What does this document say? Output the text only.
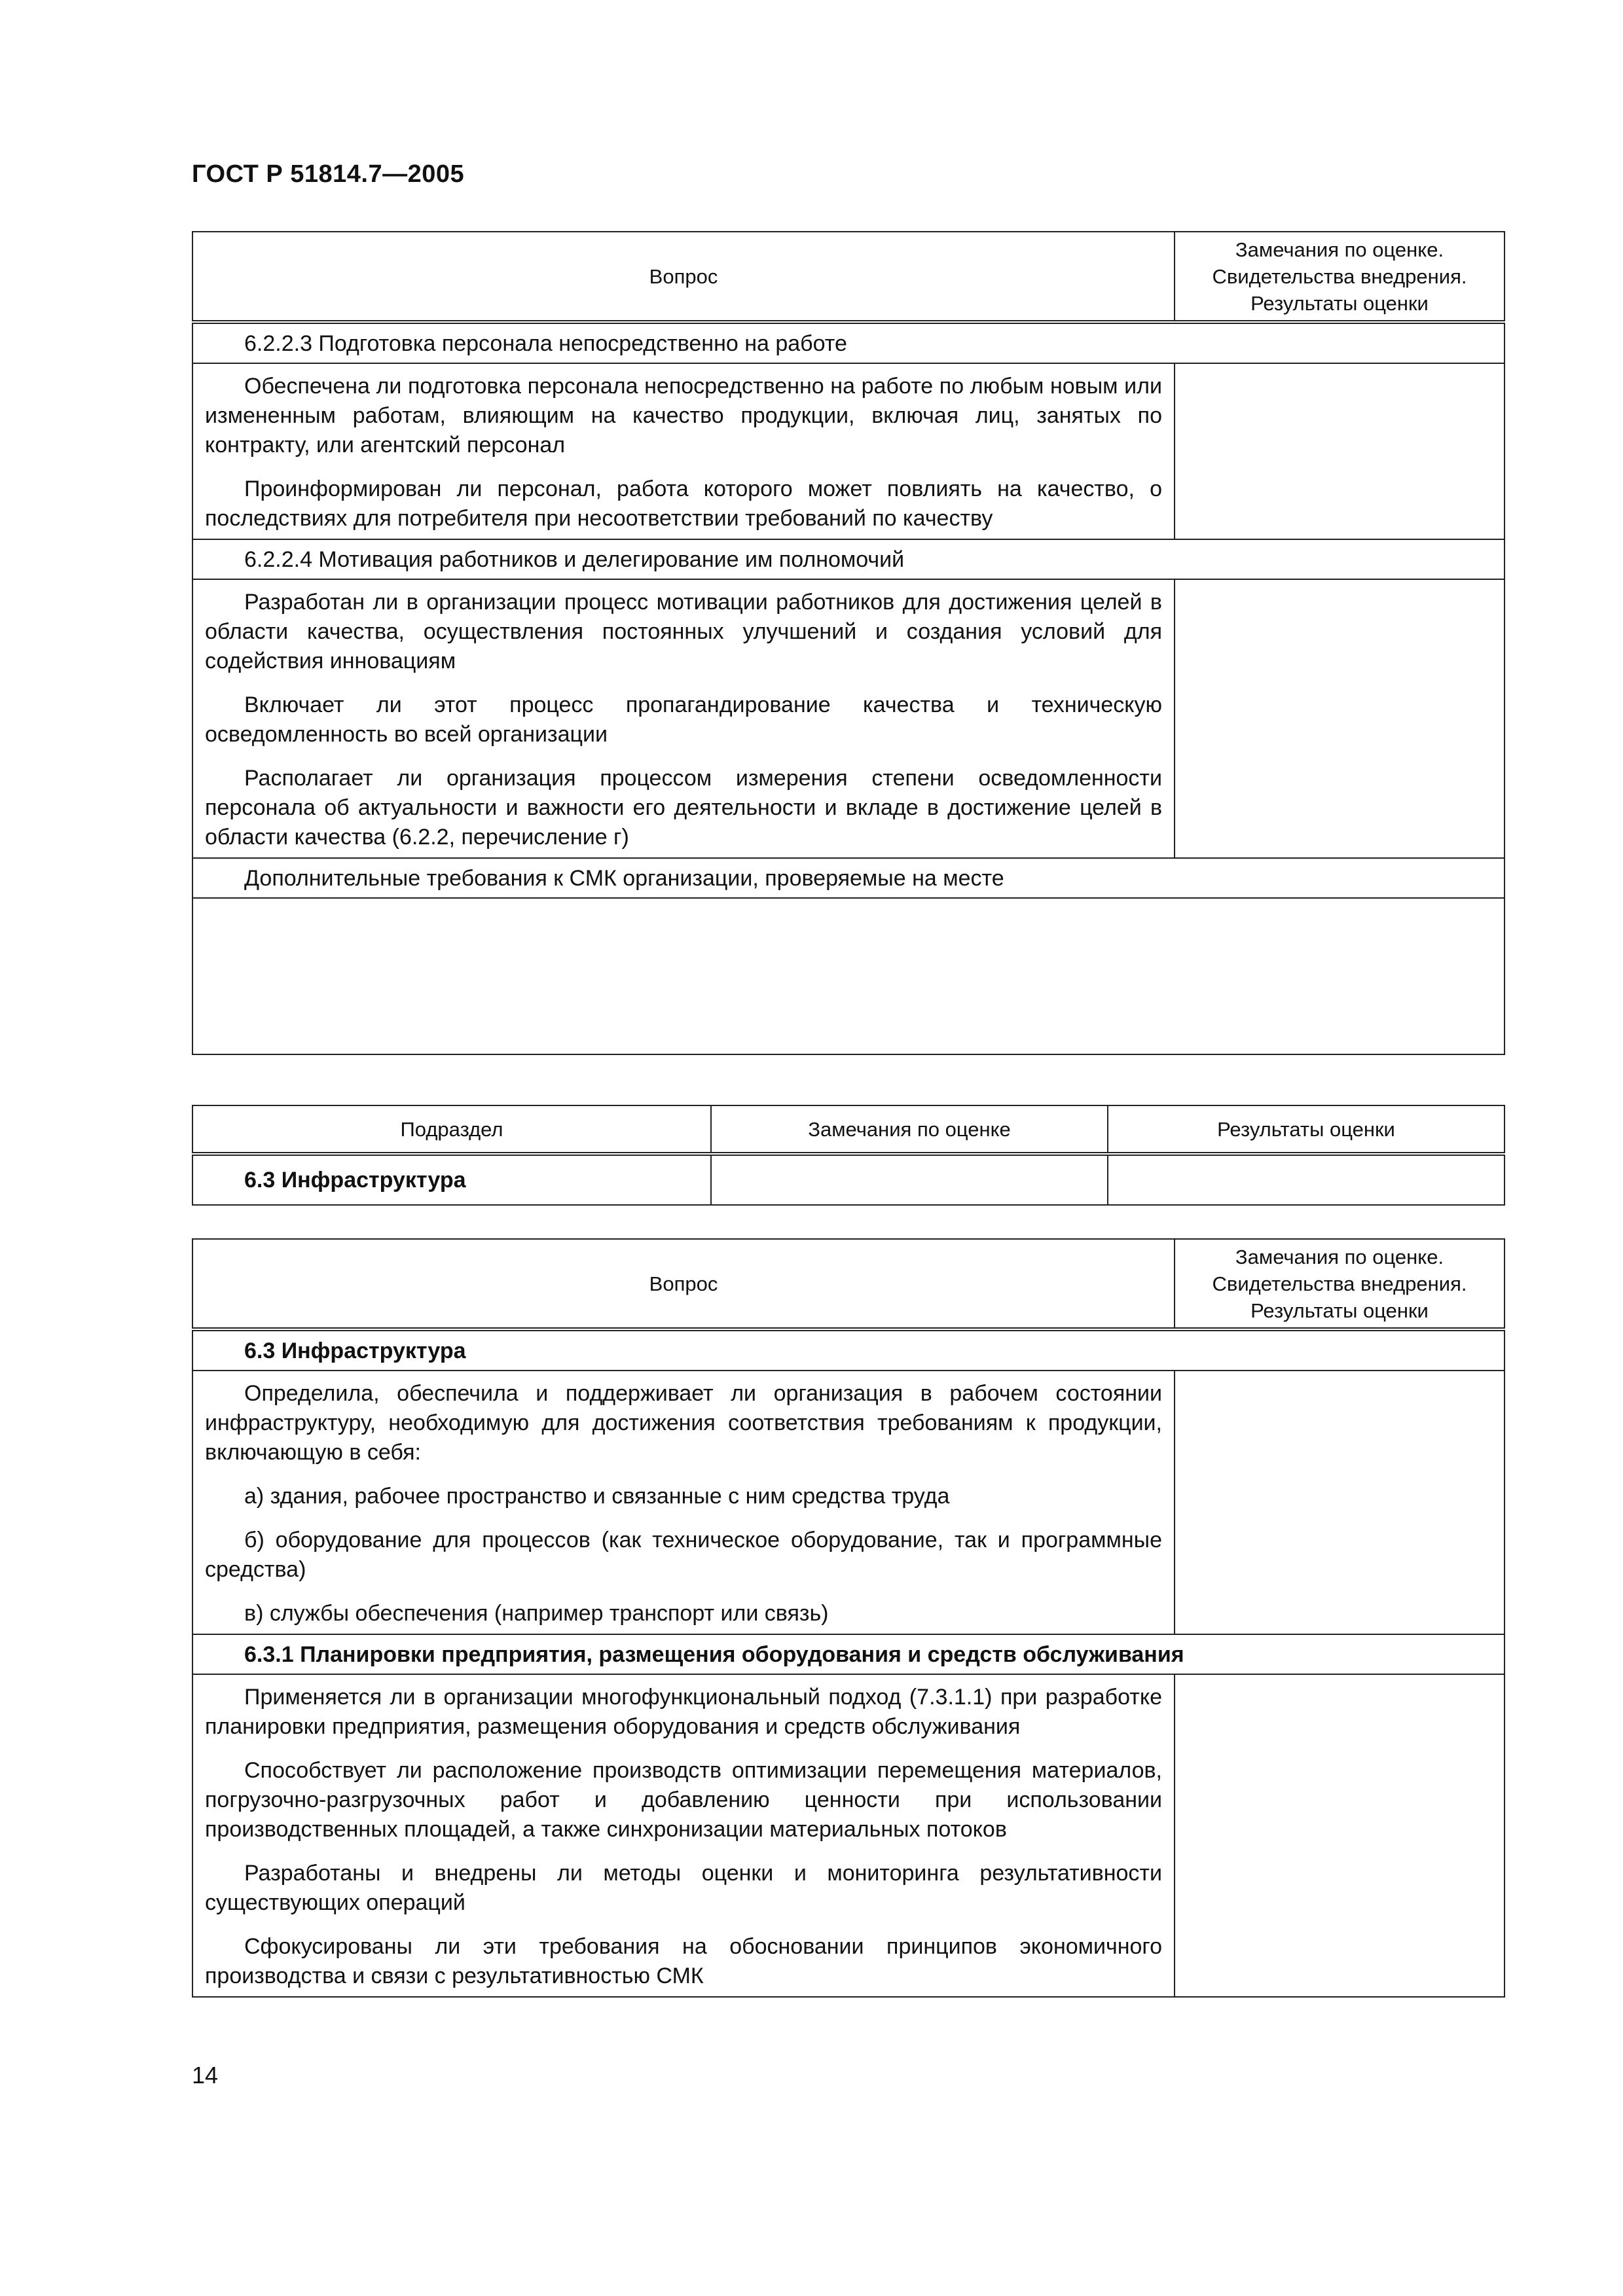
ГОСТ Р 51814.7—2005
Вопрос	Замечания по оценке.
Свидетельства внедрения.
Результаты оценки

6.2.2.3 Подготовка персонала непосредственно на работе	

Обеспечена ли подготовка персонала непосредственно на работе по любым новым или измененным работам, влияющим на качество продукции, включая лиц, занятых по контракту, или агентский персонал

Проинформирован ли персонал, работа которого может повлиять на качество, о последствиях для потребителя при несоответствии требований по качеству	

6.2.2.4 Мотивация работников и делегирование им полномочий	

Разработан ли в организации процесс мотивации работников для достижения целей в области качества, осуществления постоянных улучшений и создания условий для содействия инновациям

Включает ли этот процесс пропагандирование качества и техническую осведомленность во всей организации

Располагает ли организация процессом измерения степени осведомленности персонала об актуальности и важности его деятельности и вкладе в достижение целей в области качества (6.2.2, перечисление г)	

Дополнительные требования к СМК организации, проверяемые на месте	

Подраздел	Замечания по оценке	Результаты оценки
6.3 Инфраструктура		
Вопрос	Замечания по оценке.
Свидетельства внедрения.
Результаты оценки

6.3 Инфраструктура	

Определила, обеспечила и поддерживает ли организация в рабочем состоянии инфраструктуру, необходимую для достижения соответствия требованиям к продукции, включающую в себя:

а) здания, рабочее пространство и связанные с ним средства труда

б) оборудование для процессов (как техническое оборудование, так и программные средства)

в) службы обеспечения (например транспорт или связь)	

6.3.1 Планировки предприятия, размещения оборудования и средств обслуживания	

Применяется ли в организации многофункциональный подход (7.3.1.1) при разработке планировки предприятия, размещения оборудования и средств обслуживания

Способствует ли расположение производств оптимизации перемещения материалов, погрузочно-разгрузочных работ и добавлению ценности при использовании производственных площадей, а также синхронизации материальных потоков

Разработаны и внедрены ли методы оценки и мониторинга результативности существующих операций

Сфокусированы ли эти требования на обосновании принципов экономичного производства и связи с результативностью СМК	

14
